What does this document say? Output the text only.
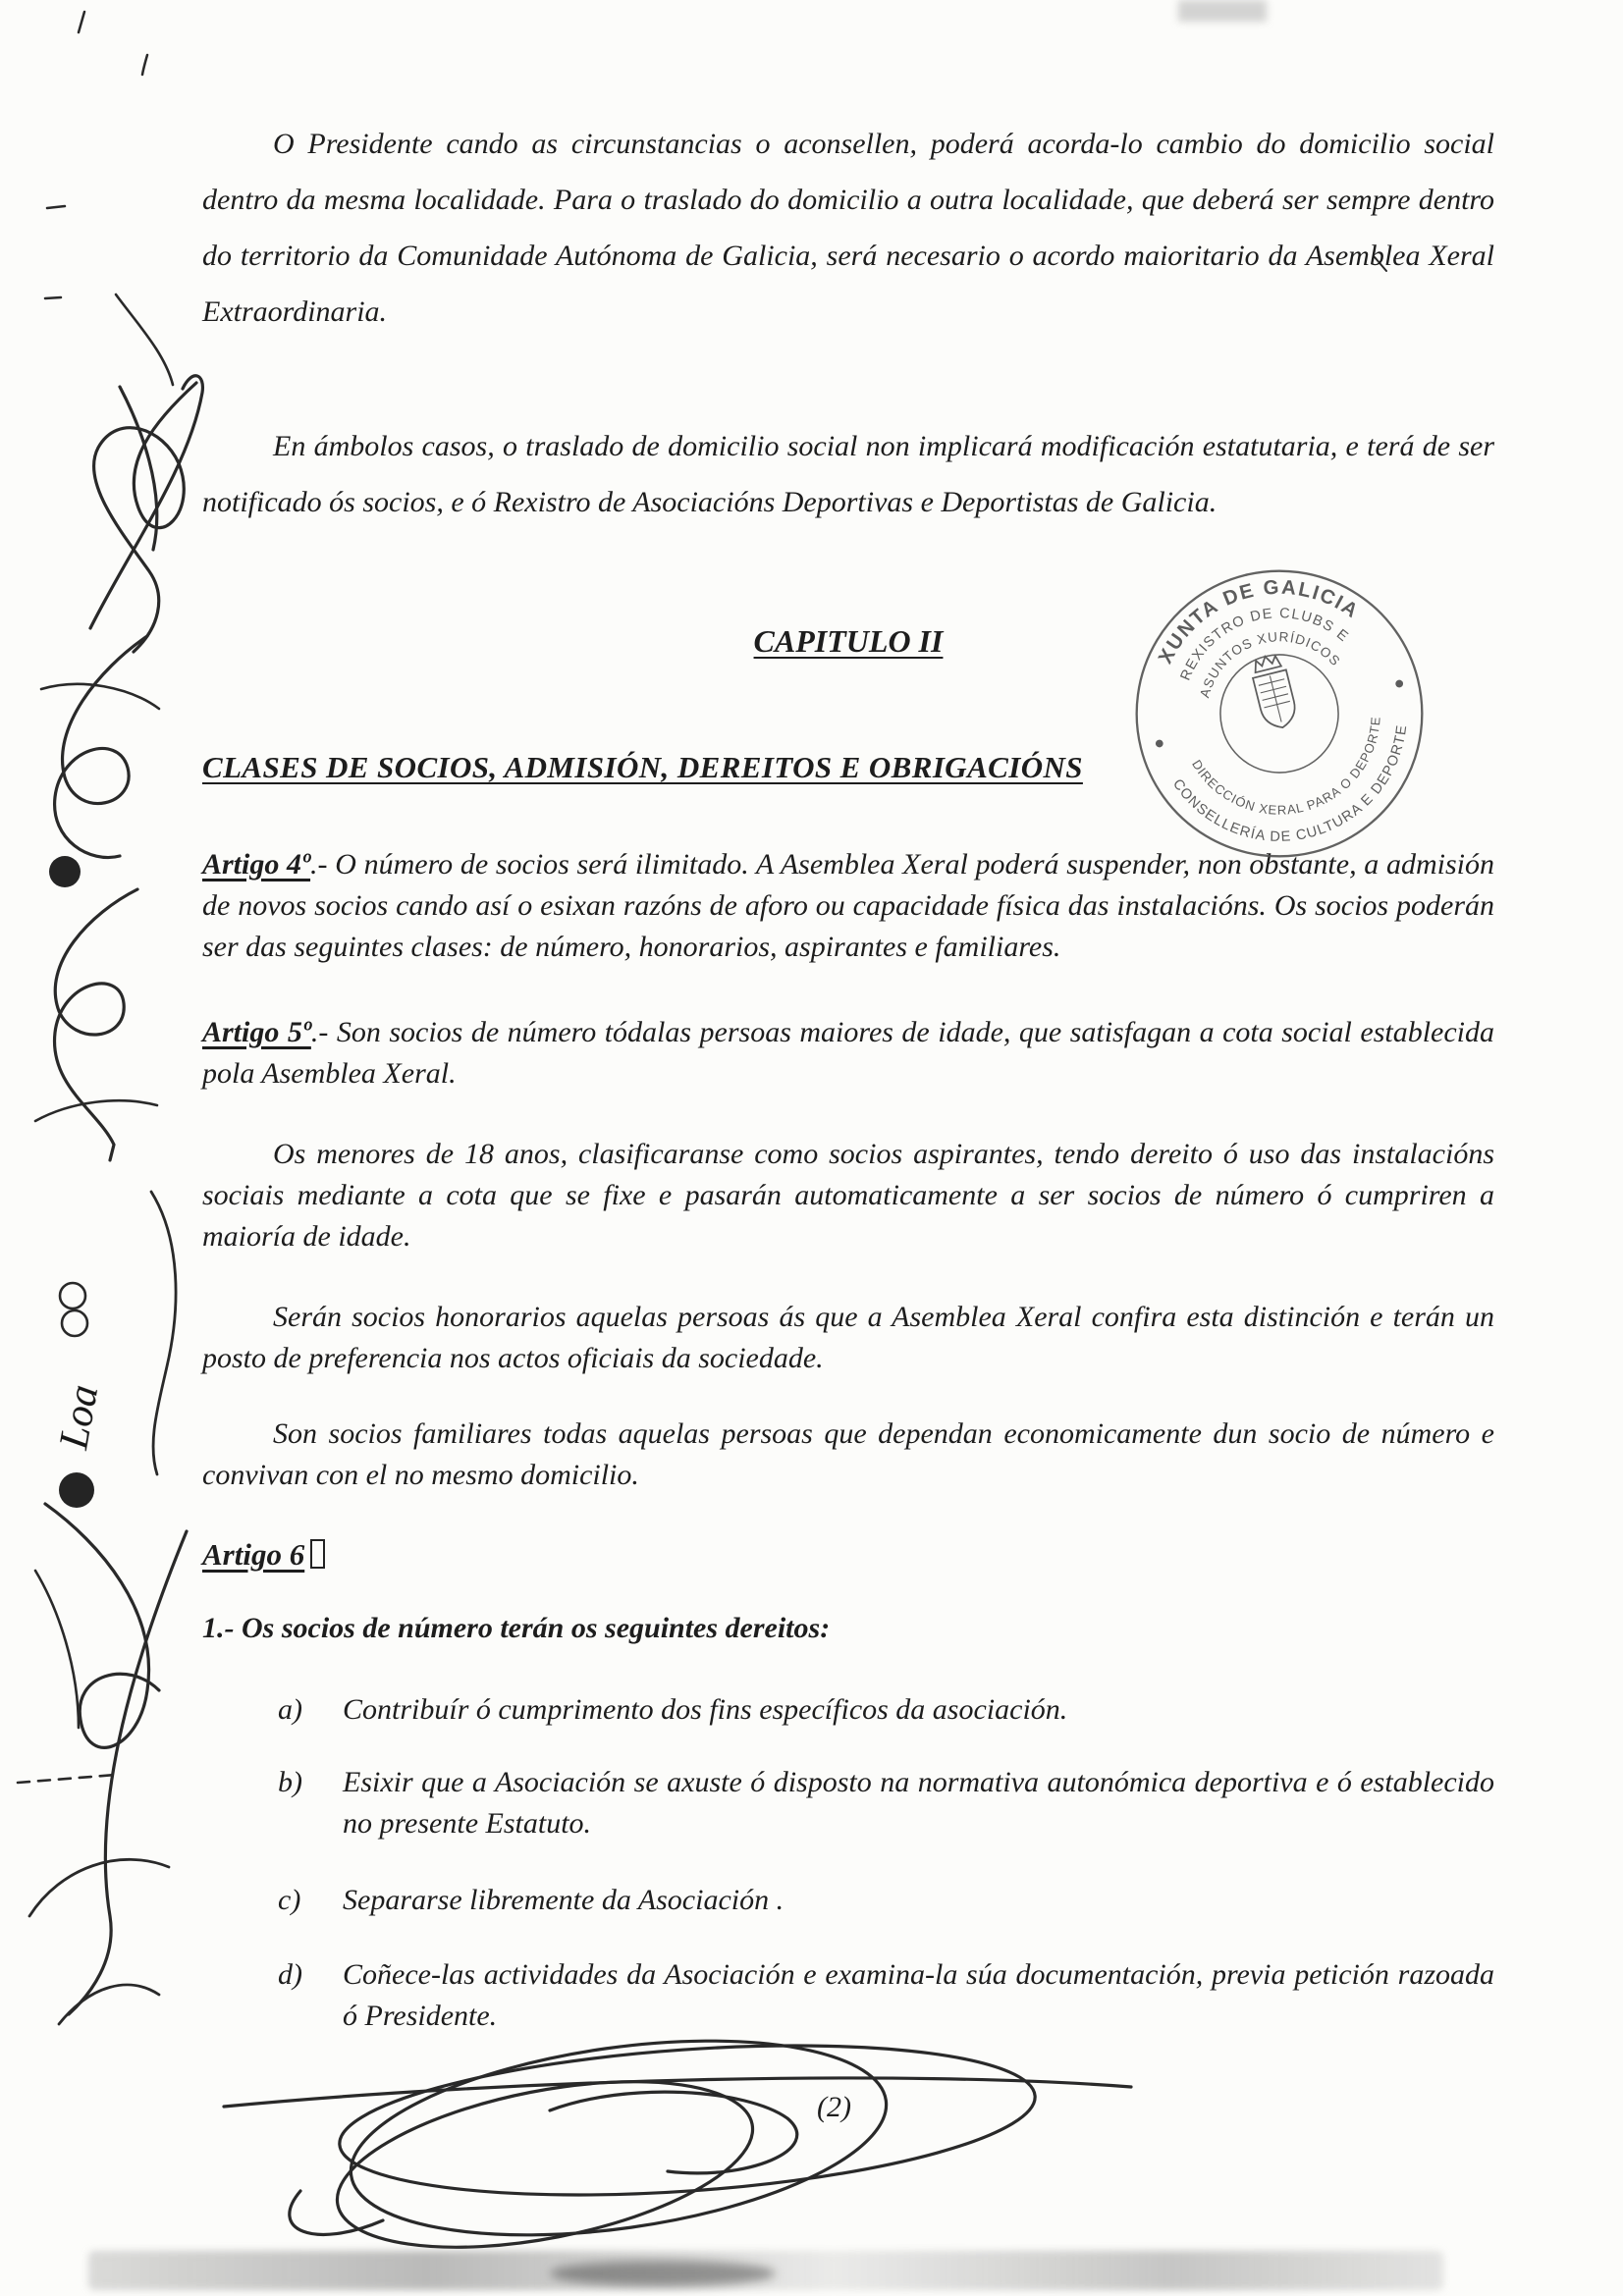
O Presidente cando as circunstancias o aconsellen, poderá acorda-lo cambio do domicilio social dentro da mesma localidade. Para o traslado do domicilio a outra localidade, que deberá ser sempre dentro do territorio da Comunidade Autónoma de Galicia, será necesario o acordo maioritario da Asemblea Xeral Extraordinaria.

En ámbolos casos, o traslado de domicilio social non implicará modificación estatutaria, e terá de ser notificado ós socios, e ó Rexistro de Asociacións Deportivas e Deportistas de Galicia.

CAPITULO II
CLASES DE SOCIOS, ADMISIÓN, DEREITOS E OBRIGACIÓNS

Artigo 4º.- O número de socios será ilimitado. A Asemblea Xeral poderá suspender, non obstante, a admisión de novos socios cando así o esixan razóns de aforo ou capacidade física das instalacións. Os socios poderán ser das seguintes clases: de número, honorarios, aspirantes e familiares.

Artigo 5º.- Son socios de número tódalas persoas maiores de idade, que satisfagan a cota social establecida pola Asemblea Xeral.

Os menores de 18 anos, clasificaranse como socios aspirantes, tendo dereito ó uso das instalacións sociais mediante a cota que se fixe e pasarán automaticamente a ser socios de número ó cumpriren a maioría de idade.

Serán socios honorarios aquelas persoas ás que a Asemblea Xeral confira esta distinción e terán un posto de preferencia nos actos oficiais da sociedade.

Son socios familiares todas aquelas persoas que dependan economicamente dun socio de número e convivan con el no mesmo domicilio.

Artigo 6

1.- Os socios de número terán os seguintes dereitos:

a)	Contribuír ó cumprimento dos fins específicos da asociación.
b)	Esixir que a Asociación se axuste ó disposto na normativa autonómica deportiva e ó establecido no presente Estatuto.
c)	Separarse libremente da Asociación .
d)	Coñece-las actividades da Asociación e examina-la súa documentación, previa petición razoada ó Presidente.
XUNTA DE GALICIA
REXISTRO DE CLUBS E
ASUNTOS XURÍDICOS
CONSELLERÍA DE CULTURA E DEPORTE
DIRECCIÓN XERAL PARA O DEPORTE
Loa
(2)
